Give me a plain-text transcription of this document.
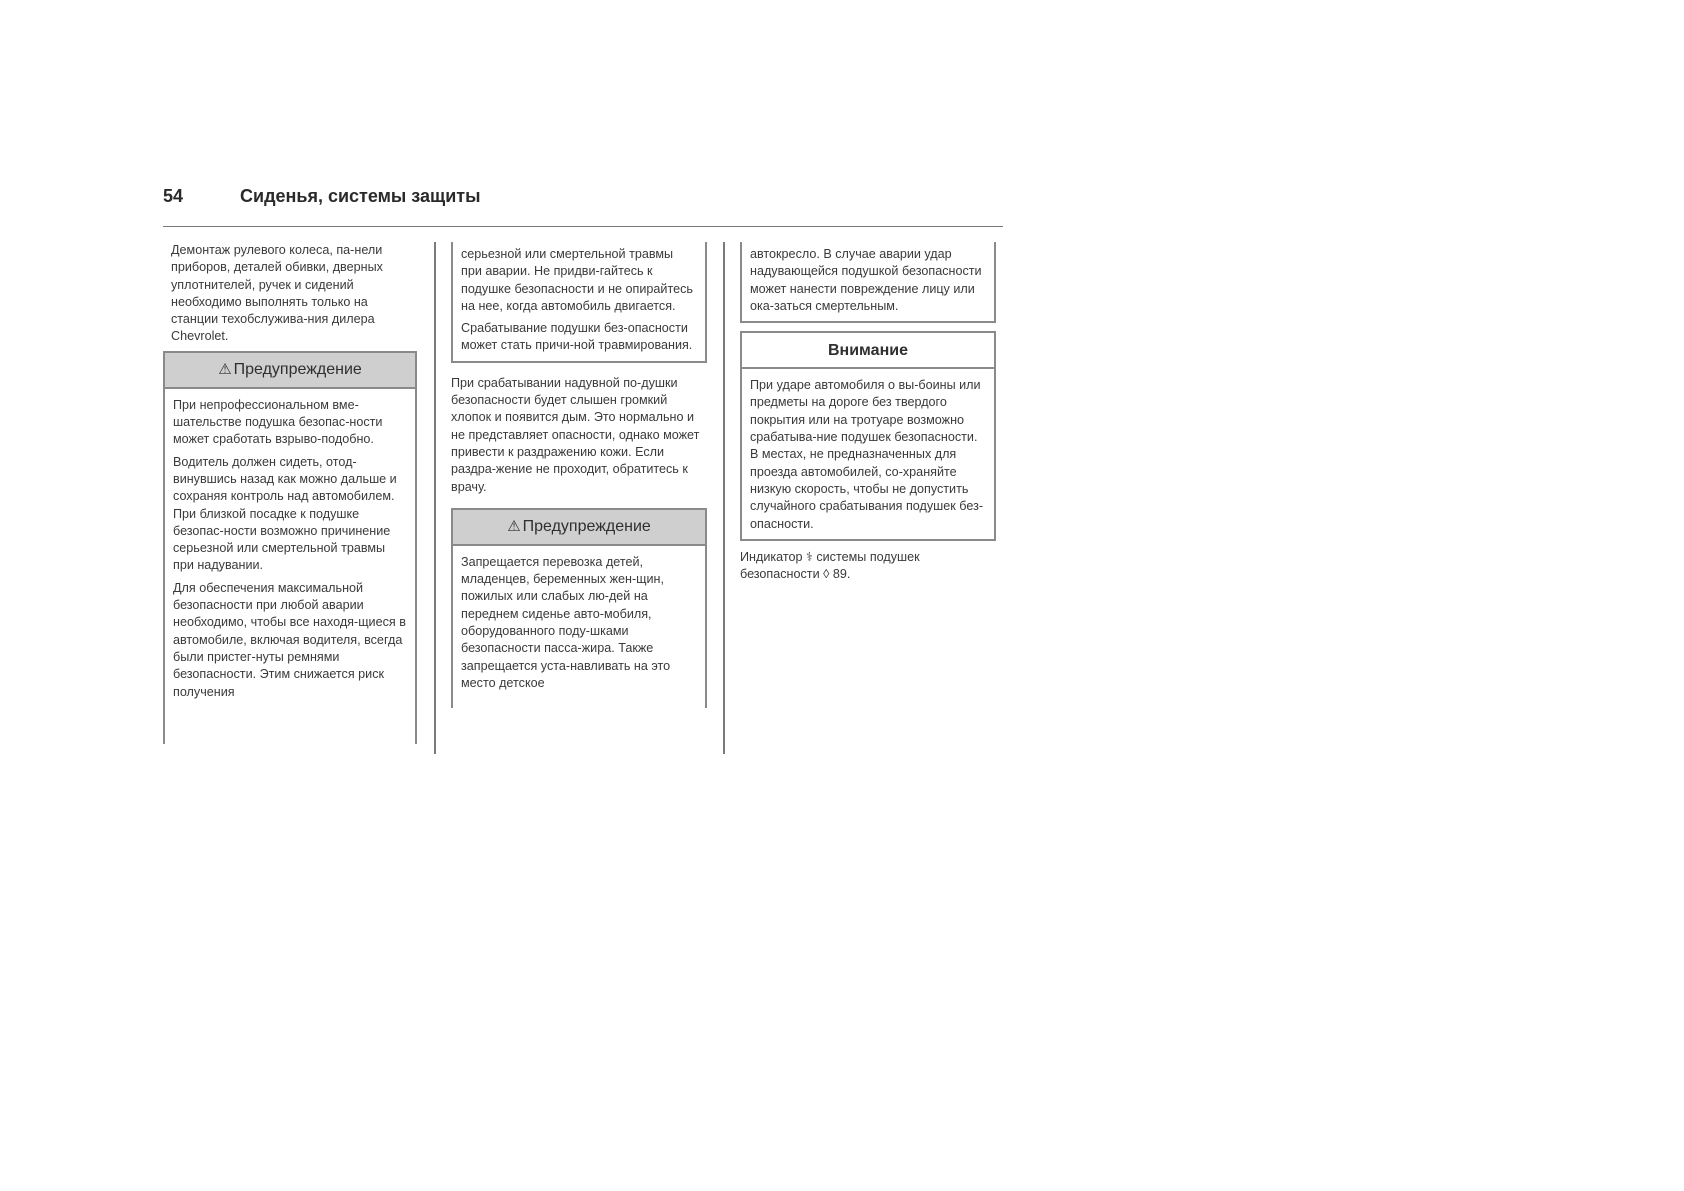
54	Сиденья, системы защиты

Демонтаж рулевого колеса, па-нели приборов, деталей обивки, дверных уплотнителей, ручек и сидений необходимо выполнять только на станции техобслужива-ния дилера Chevrolet.

⚠ Предупреждение

При непрофессиональном вме-шательстве подушка безопас-ности может сработать взрыво-подобно.

Водитель должен сидеть, отод-винувшись назад как можно дальше и сохраняя контроль над автомобилем. При близкой посадке к подушке безопас-ности возможно причинение серьезной или смертельной травмы при надувании.

Для обеспечения максимальной безопасности при любой аварии необходимо, чтобы все находя-щиеся в автомобиле, включая водителя, всегда были пристег-нуты ремнями безопасности. Этим снижается риск получения

серьезной или смертельной травмы при аварии. Не придви-гайтесь к подушке безопасности и не опирайтесь на нее, когда автомобиль двигается.

Срабатывание подушки без-опасности может стать причи-ной травмирования.

При срабатывании надувной по-душки безопасности будет слышен громкий хлопок и появится дым. Это нормально и не представляет опасности, однако может привести к раздражению кожи. Если раздра-жение не проходит, обратитесь к врачу.

⚠ Предупреждение

Запрещается перевозка детей, младенцев, беременных жен-щин, пожилых или слабых лю-дей на переднем сиденье авто-мобиля, оборудованного поду-шками безопасности пасса-жира. Также запрещается уста-навливать на это место детское

автокресло. В случае аварии удар надувающейся подушкой безопасности может нанести повреждение лицу или ока-заться смертельным.

Внимание

При ударе автомобиля о вы-боины или предметы на дороге без твердого покрытия или на тротуаре возможно срабатыва-ние подушек безопасности. В местах, не предназначенных для проезда автомобилей, со-храняйте низкую скорость, чтобы не допустить случайного срабатывания подушек без-опасности.

Индикатор ⚕ системы подушек безопасности ◊ 89.
